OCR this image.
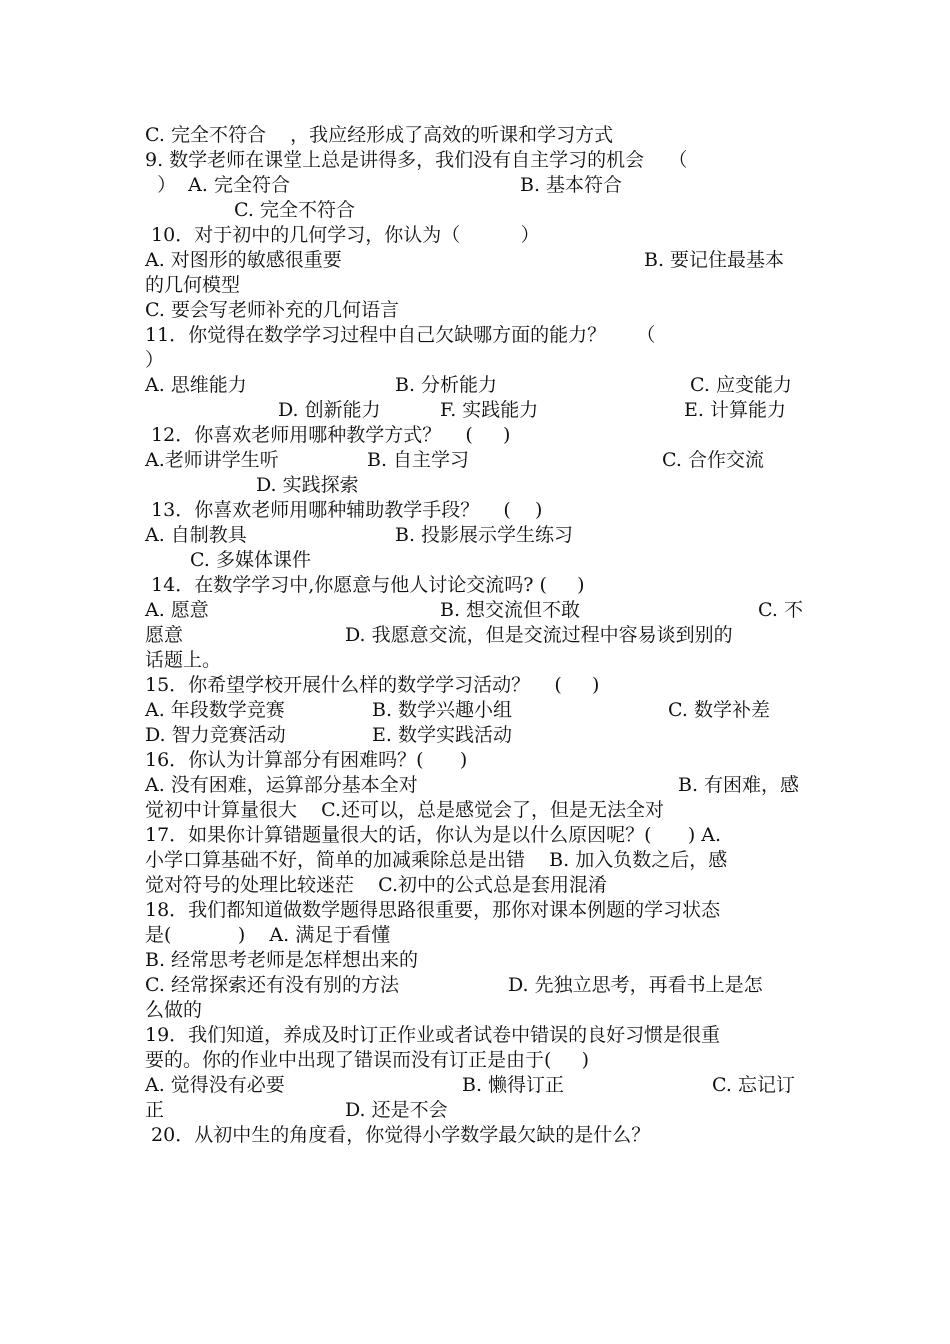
C. 完全不符合    ，我应经形成了高效的听课和学习方式
9. 数学老师在课堂上总是讲得多，我们没有自主学习的机会    （
）  A. 完全符合	B. 基本符合
C. 完全不符合
10．对于初中的几何学习，你认为（          ）
A. 对图形的敏感很重要	B. 要记住最基本
的几何模型
C. 要会写老师补充的几何语言
11．你觉得在数学学习过程中自己欠缺哪方面的能力？     （
）
A. 思维能力	B. 分析能力	C. 应变能力
D. 创新能力	F. 实践能力	E. 计算能力
12．你喜欢老师用哪种教学方式？    (     )
A.老师讲学生听	B. 自主学习	C. 合作交流
D. 实践探索
13．你喜欢老师用哪种辅助教学手段？    (    )
A. 自制教具	B. 投影展示学生练习
C. 多媒体课件
14．在数学学习中,你愿意与他人讨论交流吗? (     )
A. 愿意	B. 想交流但不敢	C. 不
愿意	D. 我愿意交流，但是交流过程中容易谈到别的
话题上。
15．你希望学校开展什么样的数学学习活动？    (     )
A. 年段数学竞赛	B. 数学兴趣小组	C. 数学补差
D. 智力竞赛活动	E. 数学实践活动
16．你认为计算部分有困难吗？(      )
A. 没有困难，运算部分基本全对	B. 有困难，感
觉初中计算量很大    C.还可以，总是感觉会了，但是无法全对
17．如果你计算错题量很大的话，你认为是以什么原因呢？(      ) A.
小学口算基础不好，简单的加减乘除总是出错    B. 加入负数之后，感
觉对符号的处理比较迷茫    C.初中的公式总是套用混淆
18．我们都知道做数学题得思路很重要，那你对课本例题的学习状态
是(           )    A. 满足于看懂
B. 经常思考老师是怎样想出来的
C. 经常探索还有没有别的方法	D. 先独立思考，再看书上是怎
么做的
19．我们知道，养成及时订正作业或者试卷中错误的良好习惯是很重
要的。你的作业中出现了错误而没有订正是由于(     )
A. 觉得没有必要	B. 懒得订正	C. 忘记订
正	D. 还是不会
20．从初中生的角度看，你觉得小学数学最欠缺的是什么？
